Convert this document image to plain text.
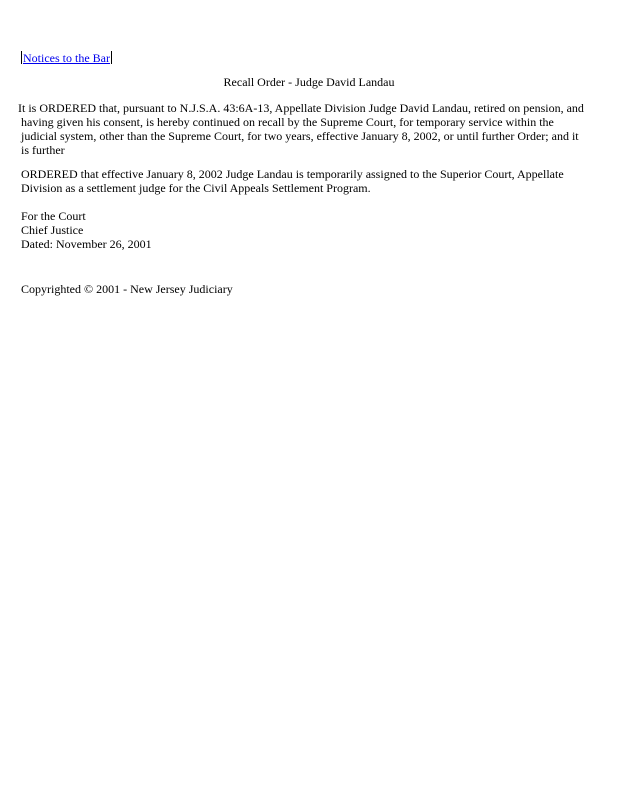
Notices to the Bar
Recall Order - Judge David Landau
It is ORDERED that, pursuant to N.J.S.A. 43:6A-13, Appellate Division Judge David Landau, retired on pension, and
having given his consent, is hereby continued on recall by the Supreme Court, for temporary service within the
judicial system, other than the Supreme Court, for two years, effective January 8, 2002, or until further Order; and it
is further
ORDERED that effective January 8, 2002 Judge Landau is temporarily assigned to the Superior Court, Appellate
Division as a settlement judge for the Civil Appeals Settlement Program.
For the Court
Chief Justice
Dated: November 26, 2001
Copyrighted © 2001 - New Jersey Judiciary
